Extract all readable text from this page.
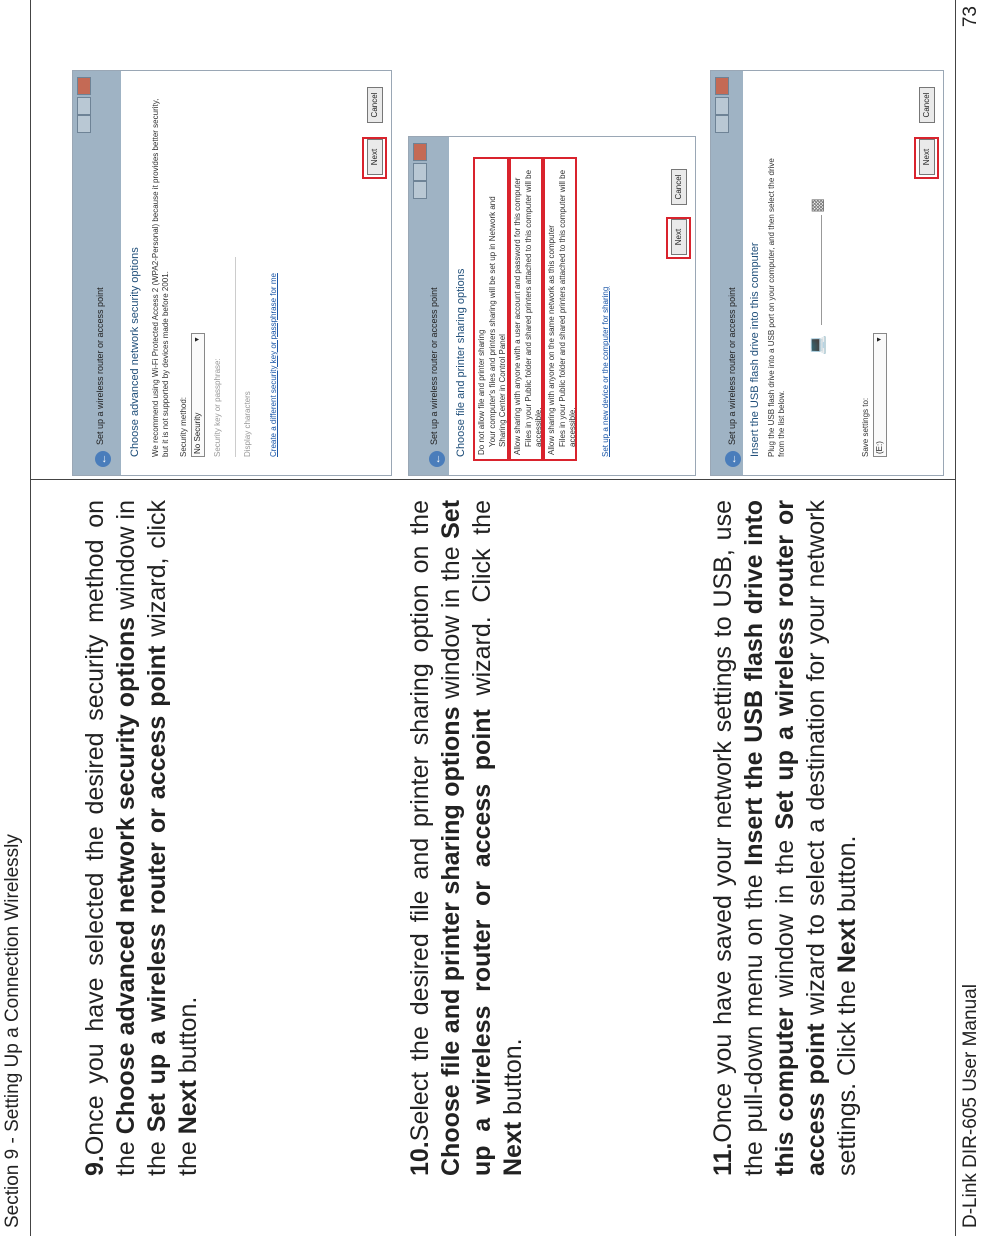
Section 9 - Setting Up a Connection Wirelessly 9.Once you have selected the desired security method on the Choose advanced network security options window in the Set up a wireless router or access point wizard, click the Next button.
10.Select the desired file and printer sharing option on the Choose file and printer sharing options window in the Set up a wireless router or access point wizard. Click the Next button.
11.Once you have saved your network settings to USB, use the pull-down menu on the Insert the USB flash drive into this computer window in the Set up a wireless router or access point wizard to select a destination for your network settings. Click the Next button.
←
Set up a wireless router or access point Choose advanced network security options We recommend using Wi-Fi Protected Access 2 (WPA2-Personal) because it provides better security, but it is not supported by devices made before 2001. Security method: No Security
▼
Security key or passphrase:	Display characters Create a different security key or passphrase for me
Next
Cancel
←
Set up a wireless router or access point Choose file and printer sharing options Do not allow file and printer sharing Your computer's files and printers sharing will be set up in Network and Sharing Center in Control Panel Allow sharing with anyone with a user account and password for this computer Files in your Public folder and shared printers attached to this computer will be accessible. Allow sharing with anyone on the same network as this computer Files in your Public folder and shared printers attached to this computer will be accessible.	Set up a new device or the computer for sharing
Next
Cancel
←
Set up a wireless router or access point Insert the USB flash drive into this computer Plug the USB flash drive into a USB port on your computer, and then select the drive from the list below.
💻
▩
Save settings to: (E:)
▼
Next
Cancel
D-Link DIR-605 User Manual
73
